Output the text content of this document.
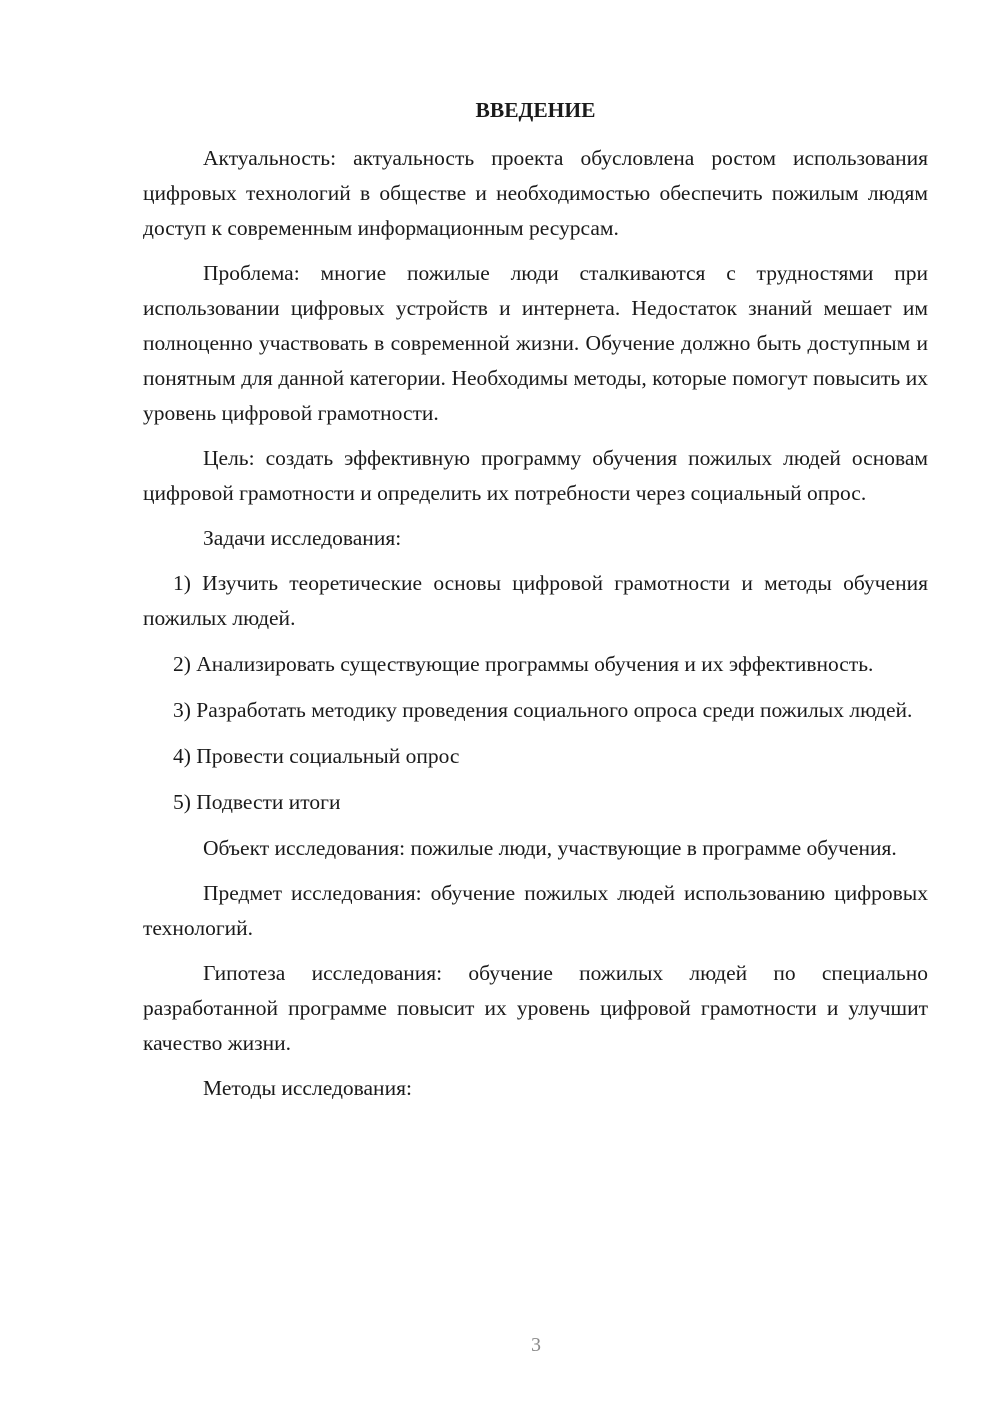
ВВЕДЕНИЕ

Актуальность: актуальность проекта обусловлена ростом использования цифровых технологий в обществе и необходимостью обеспечить пожилым людям доступ к современным информационным ресурсам.

Проблема: многие пожилые люди сталкиваются с трудностями при использовании цифровых устройств и интернета. Недостаток знаний мешает им полноценно участвовать в современной жизни. Обучение должно быть доступным и понятным для данной категории. Необходимы методы, которые помогут повысить их уровень цифровой грамотности.

Цель: создать эффективную программу обучения пожилых людей основам цифровой грамотности и определить их потребности через социальный опрос.

Задачи исследования:

1) Изучить теоретические основы цифровой грамотности и методы обучения пожилых людей.

2) Анализировать существующие программы обучения и их эффективность.

3) Разработать методику проведения социального опроса среди пожилых людей.

4) Провести социальный опрос

5) Подвести итоги

Объект исследования: пожилые люди, участвующие в программе обучения.

Предмет исследования: обучение пожилых людей использованию цифровых технологий.

Гипотеза исследования: обучение пожилых людей по специально разработанной программе повысит их уровень цифровой грамотности и улучшит качество жизни.

Методы исследования:

3
